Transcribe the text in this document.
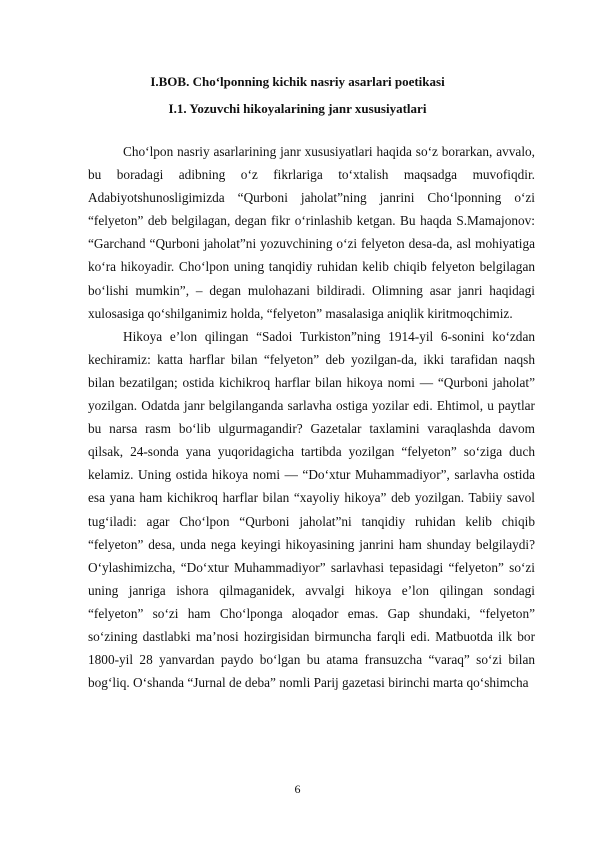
I.BOB. Cho‘lponning kichik nasriy asarlari poetikasi
I.1. Yozuvchi hikoyalarining janr xususiyatlari

Cho‘lpon nasriy asarlarining janr xususiyatlari haqida so‘z borarkan, avvalo, bu boradagi adibning o‘z fikrlariga to‘xtalish maqsadga muvofiqdir. Adabiyotshunosligimizda “Qurboni jaholat”ning janrini Cho‘lponning o‘zi “felyeton” deb belgilagan, degan fikr o‘rinlashib ketgan. Bu haqda S.Mamajonov: “Garchand “Qurboni jaholat”ni yozuvchining o‘zi felyeton desa-da, asl mohiyatiga ko‘ra hikoyadir. Cho‘lpon uning tanqidiy ruhidan kelib chiqib felyeton belgilagan bo‘lishi mumkin”, – degan mulohazani bildiradi. Olimning asar janri haqidagi xulosasiga qo‘shilganimiz holda, “felyeton” masalasiga aniqlik kiritmoqchimiz.

Hikoya e’lon qilingan “Sadoi Turkiston”ning 1914-yil 6-sonini ko‘zdan kechiramiz: katta harflar bilan “felyeton” deb yozilgan-da, ikki tarafidan naqsh bilan bezatilgan; ostida kichikroq harflar bilan hikoya nomi — “Qurboni jaholat” yozilgan. Odatda janr belgilanganda sarlavha ostiga yozilar edi. Ehtimol, u paytlar bu narsa rasm bo‘lib ulgurmagandir? Gazetalar taxlamini varaqlashda davom qilsak, 24-sonda yana yuqoridagicha tartibda yozilgan “felyeton” so‘ziga duch kelamiz. Uning ostida hikoya nomi — “Do‘xtur Muhammadiyor”, sarlavha ostida esa yana ham kichikroq harflar bilan “xayoliy hikoya” deb yozilgan. Tabiiy savol tug‘iladi: agar Cho‘lpon “Qurboni jaholat”ni tanqidiy ruhidan kelib chiqib “felyeton” desa, unda nega keyingi hikoyasining janrini ham shunday belgilaydi? O‘ylashimizcha, “Do‘xtur Muhammadiyor” sarlavhasi tepasidagi “felyeton” so‘zi uning janriga ishora qilmaganidek, avvalgi hikoya e’lon qilingan sondagi “felyeton” so‘zi ham Cho‘lponga aloqador emas. Gap shundaki, “felyeton” so‘zining dastlabki ma’nosi hozirgisidan birmuncha farqli edi. Matbuotda ilk bor 1800-yil 28 yanvardan paydo bo‘lgan bu atama fransuzcha “varaq” so‘zi bilan bog‘liq. O‘shanda “Jurnal de deba” nomli Parij gazetasi birinchi marta qo‘shimcha

6
